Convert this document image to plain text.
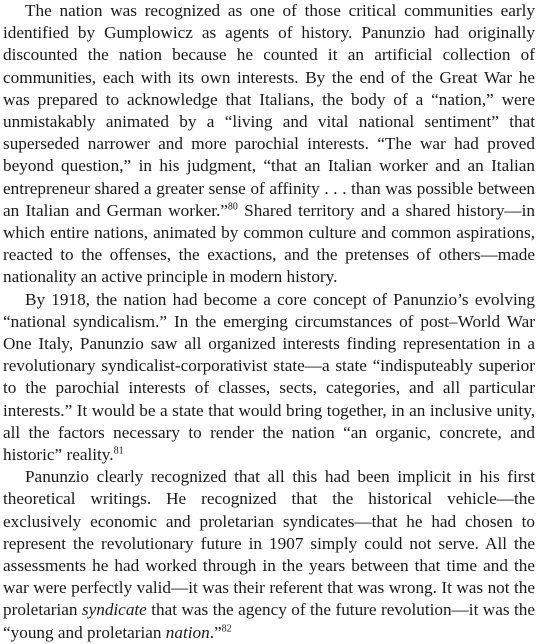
The nation was recognized as one of those critical communities early identified by Gumplowicz as agents of history. Panunzio had originally discounted the nation because he counted it an artificial collection of communities, each with its own interests. By the end of the Great War he was prepared to acknowledge that Italians, the body of a “nation,” were unmistakably animated by a “living and vital national sentiment” that superseded narrower and more parochial interests. “The war had proved beyond question,” in his judgment, “that an Italian worker and an Italian entrepreneur shared a greater sense of affinity . . . than was possible between an Italian and German worker.”$^{80}$ Shared territory and a shared history—in which entire nations, animated by common culture and common aspirations, reacted to the offenses, the exactions, and the pretenses of others—made nationality an active principle in modern history.

By 1918, the nation had become a core concept of Panunzio’s evolving “national syndicalism.” In the emerging circumstances of post–World War One Italy, Panunzio saw all organized interests finding representation in a revolutionary syndicalist-corporativist state—a state “indisputeably superior to the parochial interests of classes, sects, categories, and all particular interests.” It would be a state that would bring together, in an inclusive unity, all the factors necessary to render the nation “an organic, concrete, and historic” reality.$^{81}$

Panunzio clearly recognized that all this had been implicit in his first theoretical writings. He recognized that the historical vehicle—the exclusively economic and proletarian syndicates—that he had chosen to represent the revolutionary future in 1907 simply could not serve. All the assessments he had worked through in the years between that time and the war were perfectly valid—it was their referent that was wrong. It was not the proletarian syndicate that was the agency of the future revolution—it was the “young and proletarian nation.”$^{82}$
